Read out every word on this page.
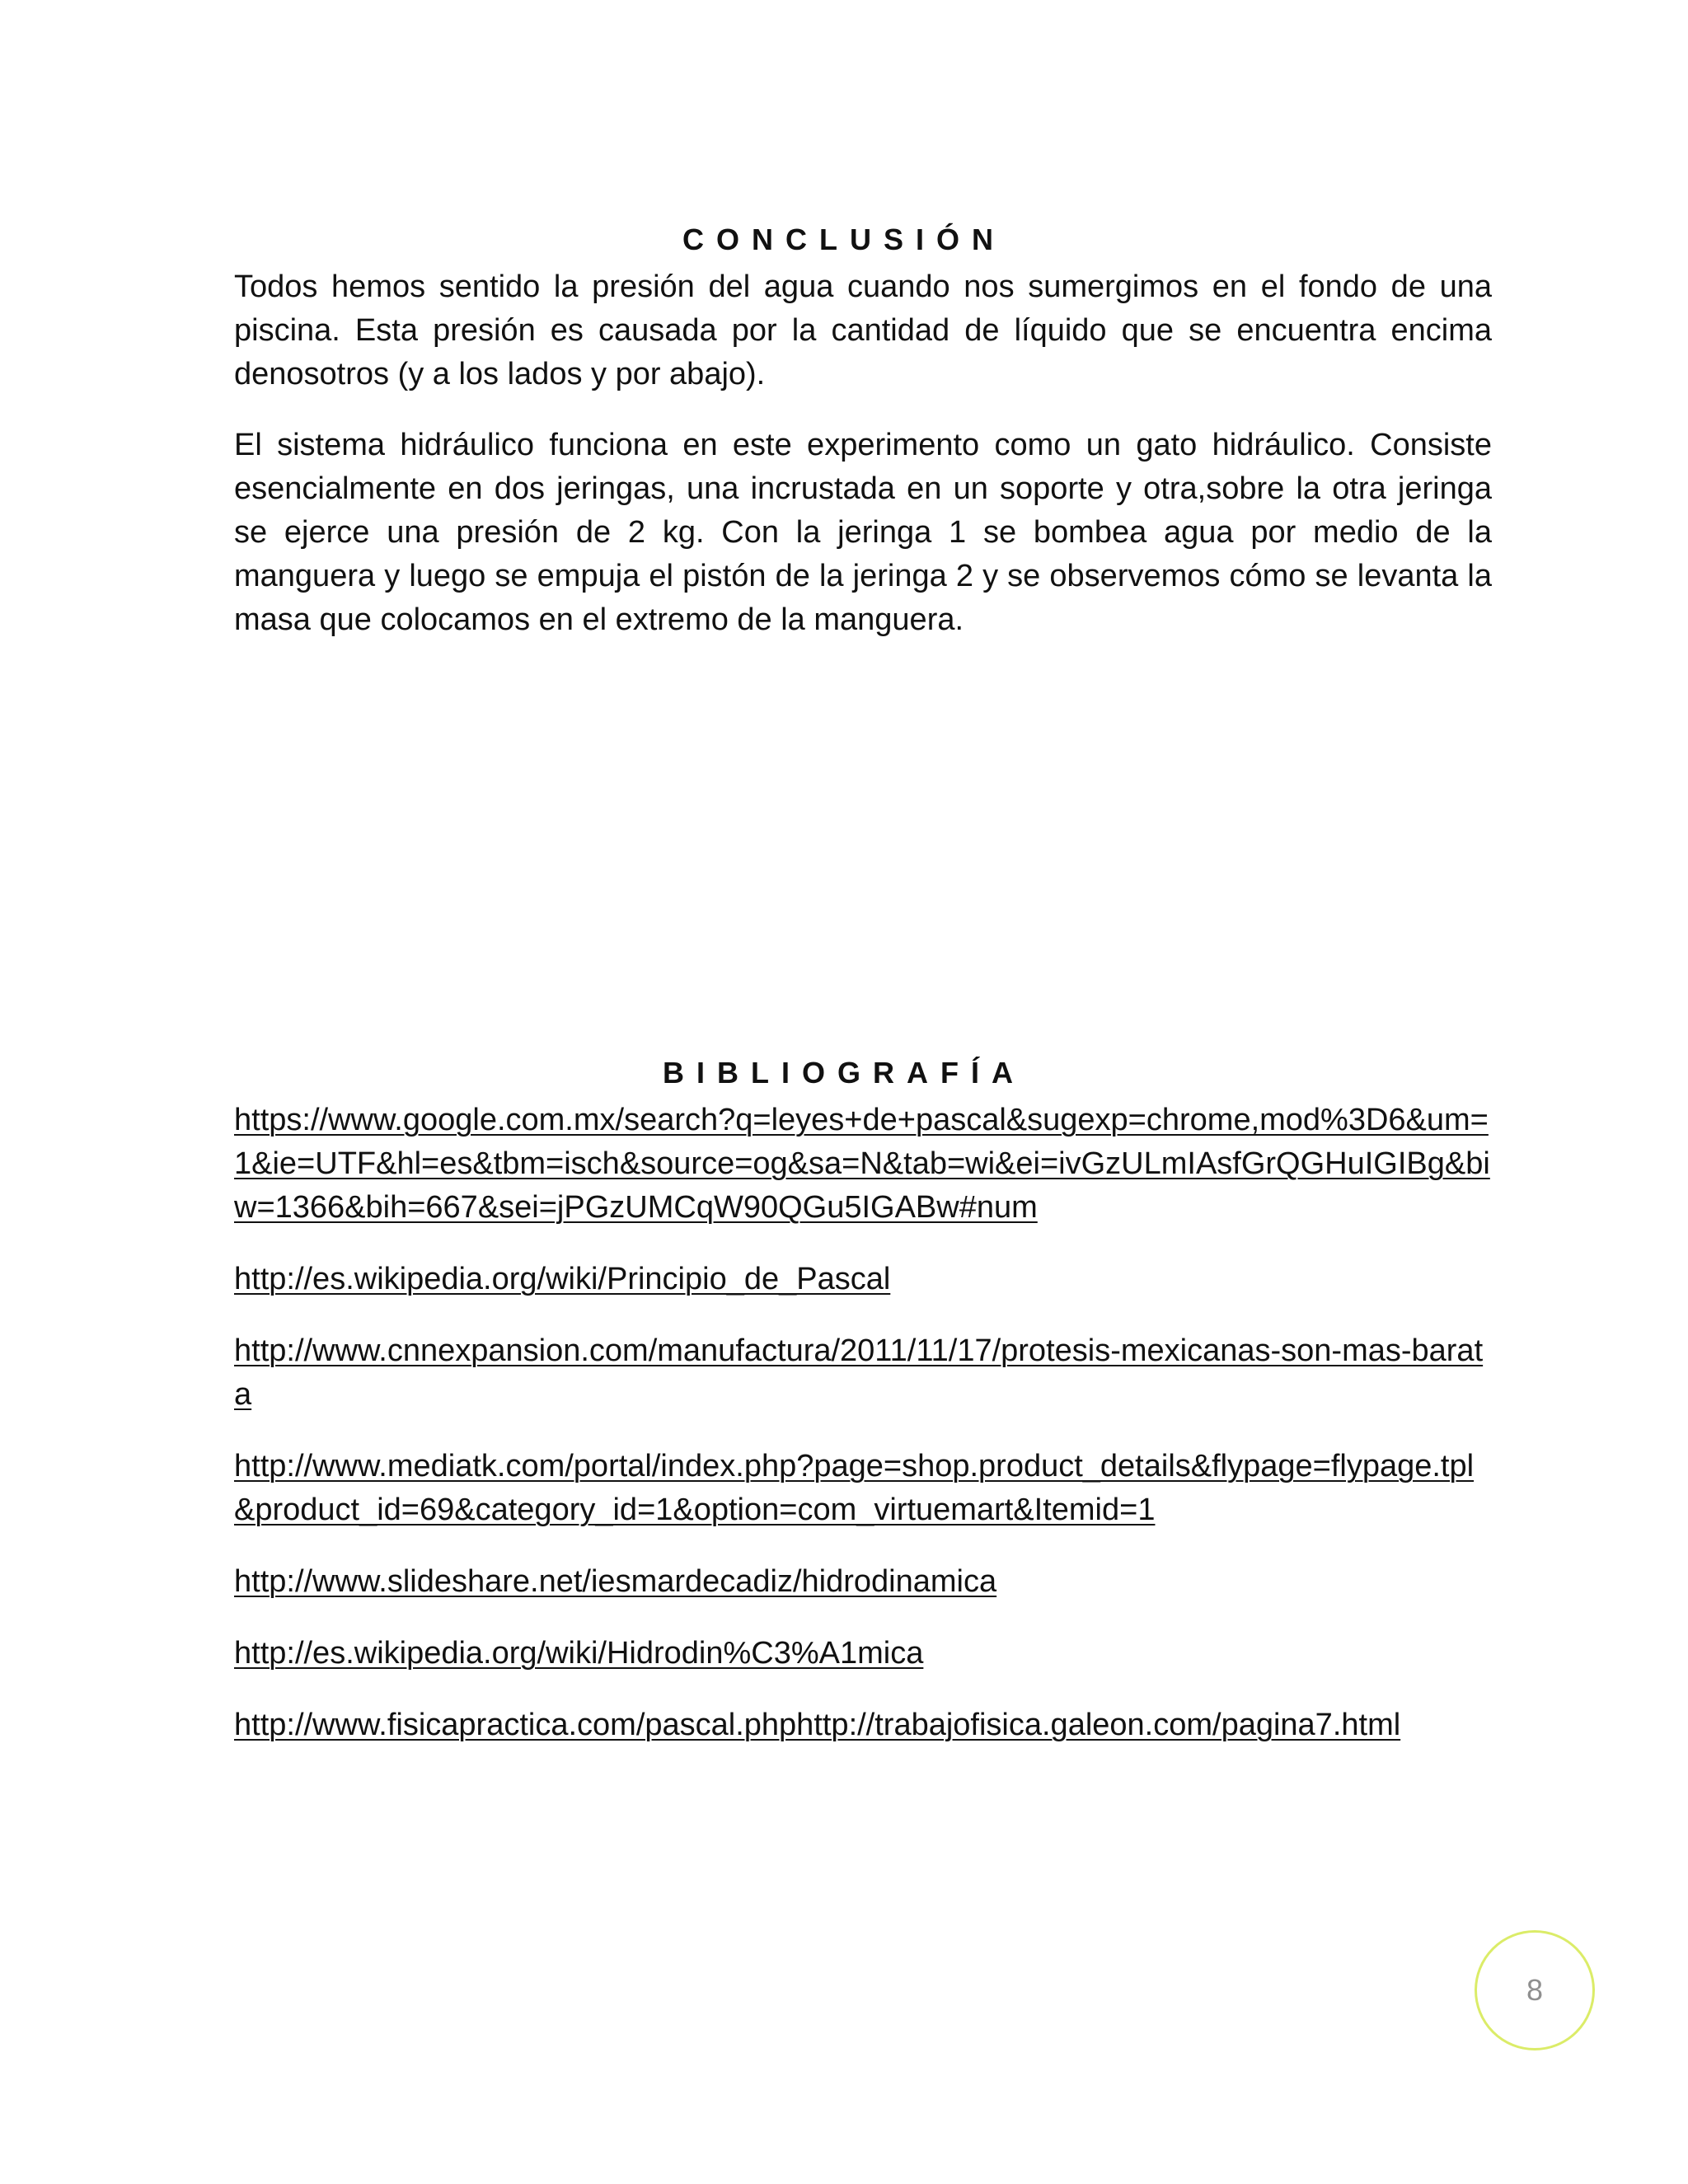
CONCLUSIÓN

Todos hemos sentido la presión del agua cuando nos sumergimos en el fondo de una piscina. Esta presión es causada por la cantidad de líquido que se encuentra encima denosotros (y a los lados y por abajo).

El sistema hidráulico funciona en este experimento como un gato hidráulico. Consiste esencialmente en dos jeringas, una incrustada en un soporte y otra,sobre la otra jeringa se ejerce una presión de 2 kg. Con la jeringa 1 se bombea agua por medio de la manguera y luego se empuja el pistón de la jeringa 2 y se observemos cómo se levanta la masa que colocamos en el extremo de la manguera.

BIBLIOGRAFÍA
https://www.google.com.mx/search?q=leyes+de+pascal&sugexp=chrome,mod%3D6&um=1&ie=UTF&hl=es&tbm=isch&source=og&sa=N&tab=wi&ei=ivGzULmIAsfGrQGHuIGIBg&biw=1366&bih=667&sei=jPGzUMCqW90QGu5IGABw#num
http://es.wikipedia.org/wiki/Principio_de_Pascal
http://www.cnnexpansion.com/manufactura/2011/11/17/protesis-mexicanas-son-mas-barata
http://www.mediatk.com/portal/index.php?page=shop.product_details&flypage=flypage.tpl&product_id=69&category_id=1&option=com_virtuemart&Itemid=1
http://www.slideshare.net/iesmardecadiz/hidrodinamica
http://es.wikipedia.org/wiki/Hidrodin%C3%A1mica
http://www.fisicapractica.com/pascal.phphttp://trabajofisica.galeon.com/pagina7.html
8
